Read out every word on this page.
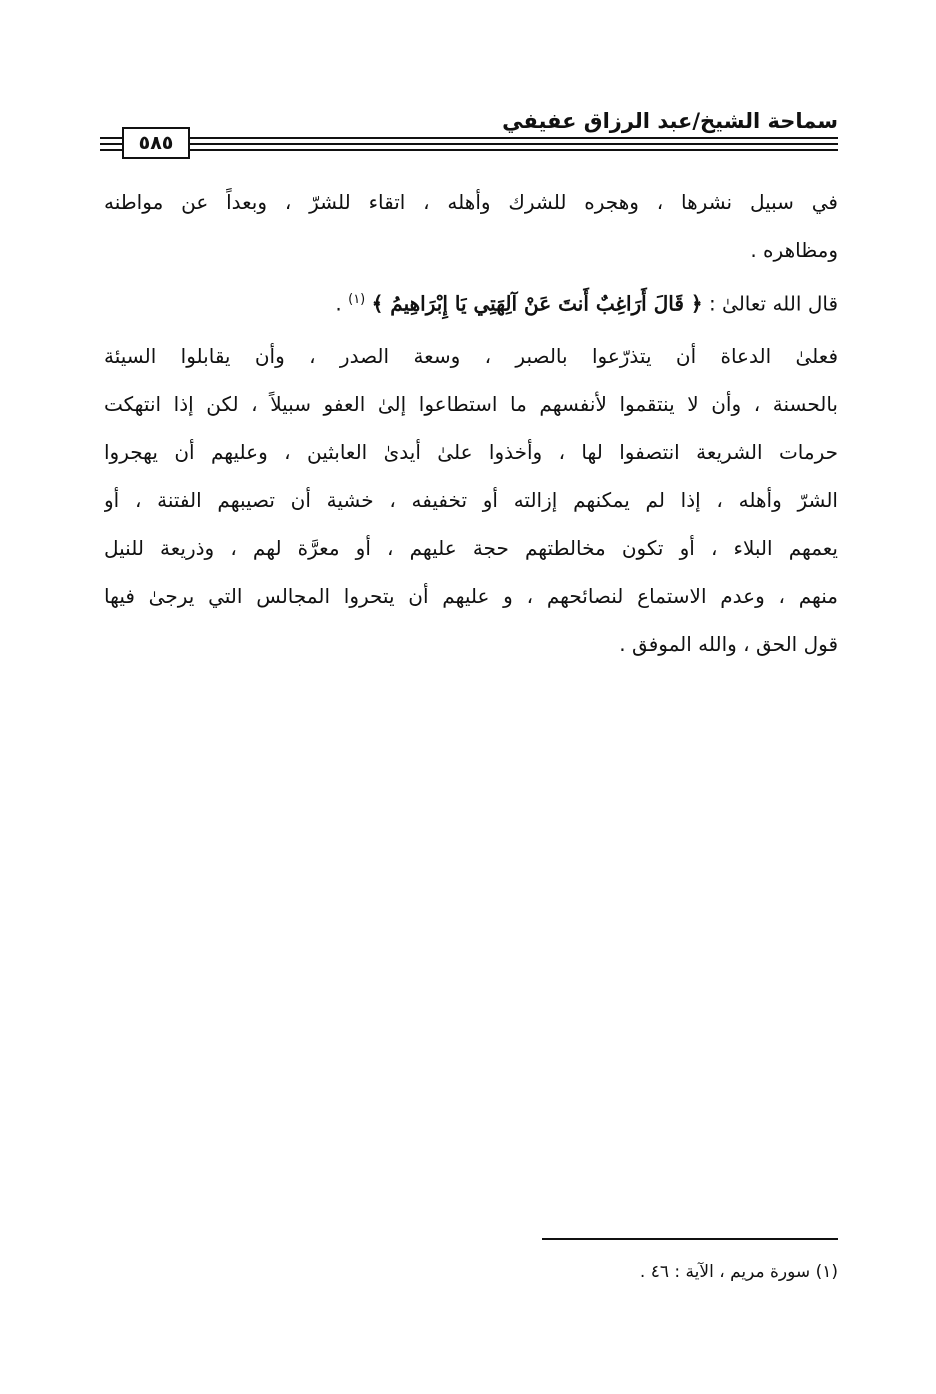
سماحة الشيخ/عبد الرزاق عفيفي
٥٨٥
في سبيل نشرها ، وهجره للشرك وأهله ، اتقاء للشرّ ، وبعداً عن مواطنه
ومظاهره .
قال الله تعالىٰ : ﴿ قَالَ أَرَاغِبٌ أَنتَ عَنْ آلِهَتِي يَا إِبْرَاهِيمُ ﴾ $^{(١)}$ .
فعلىٰ الدعاة أن يتذرّعوا بالصبر ، وسعة الصدر ، وأن يقابلوا السيئة
بالحسنة ، وأن لا ينتقموا لأنفسهم ما استطاعوا إلىٰ العفو سبيلاً ، لكن إذا انتهكت
حرمات الشريعة انتصفوا لها ، وأخذوا علىٰ أيدىٰ العابثين ، وعليهم أن يهجروا
الشرّ وأهله ، إذا لم يمكنهم إزالته أو تخفيفه ، خشية أن تصيبهم الفتنة ، أو
يعمهم البلاء ، أو تكون مخالطتهم حجة عليهم ، أو معرَّة لهم ، وذريعة للنيل
منهم ، وعدم الاستماع لنصائحهم ، و عليهم أن يتحروا المجالس التي يرجىٰ فيها
قول الحق ، والله الموفق .
(١) سورة مريم ، الآية : ٤٦ .
